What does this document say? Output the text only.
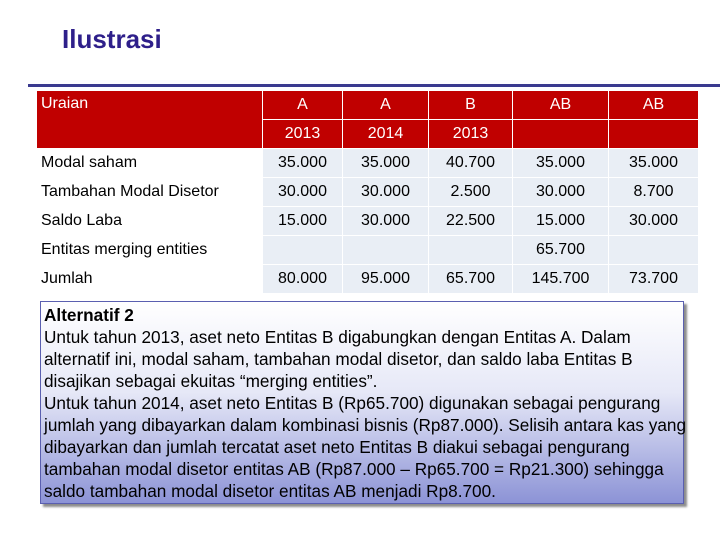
Ilustrasi
Uraian	A	A	B	AB	AB
	2013	2014	2013		
Modal saham	35.000	35.000	40.700	35.000	35.000
Tambahan Modal Disetor	30.000	30.000	2.500	30.000	8.700
Saldo Laba	15.000	30.000	22.500	15.000	30.000
Entitas merging entities				65.700	
Jumlah	80.000	95.000	65.700	145.700	73.700
Alternatif 2
Untuk tahun 2013, aset neto Entitas B digabungkan dengan Entitas A. Dalam alternatif ini, modal saham, tambahan modal disetor, dan saldo laba Entitas B disajikan sebagai ekuitas “merging entities”.
Untuk tahun 2014, aset neto Entitas B (Rp65.700) digunakan sebagai pengurang jumlah yang dibayarkan dalam kombinasi bisnis (Rp87.000). Selisih antara kas yang dibayarkan dan jumlah tercatat aset neto Entitas B diakui sebagai pengurang tambahan modal disetor entitas AB (Rp87.000 – Rp65.700 = Rp21.300) sehingga saldo tambahan modal disetor entitas AB menjadi Rp8.700.
